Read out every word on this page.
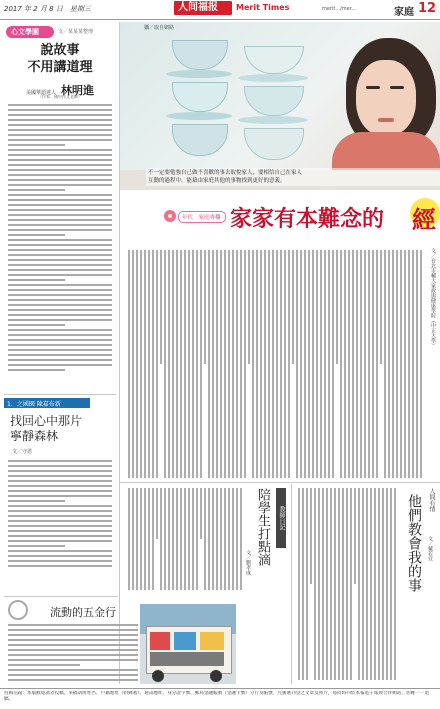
2017 年 2 月 8 日　星期三	人间福报 Merit Times	merit.../mer...	家庭 12
心文學園	文／某某某整理
說故事
不用講道理
美國華語達人 林明進
（作家．國中作文老師）
1．之國園 陳嘉布新
找回心中那片
寧靜森林
文／守恩
流動的五金行
攝／取自網路
不一定要勉強自己做不喜歡的事去取悅家人，要相信自己在家人
互動的過程中，能藉由家庭其他的事物找到更好的意義。
年代　家庭專欄 家家有本難念的 經
文／台北市輔大家政與健康學院（中正大學）
陪學生打點滴	教師日記
文／劉孝成
人間有情
他們教會我的事	文／戴若宜
投稿信箱：本版歡迎讀者投稿，來稿請附姓名、戶籍地址（附郵遞）、通訊地址、身分證字號、郵局金融帳號（金融卡號）分行及帳號，凡獲選刊登之文章及照片，將同時刊於本報電子報與合作網站，恕難一一退稿。
